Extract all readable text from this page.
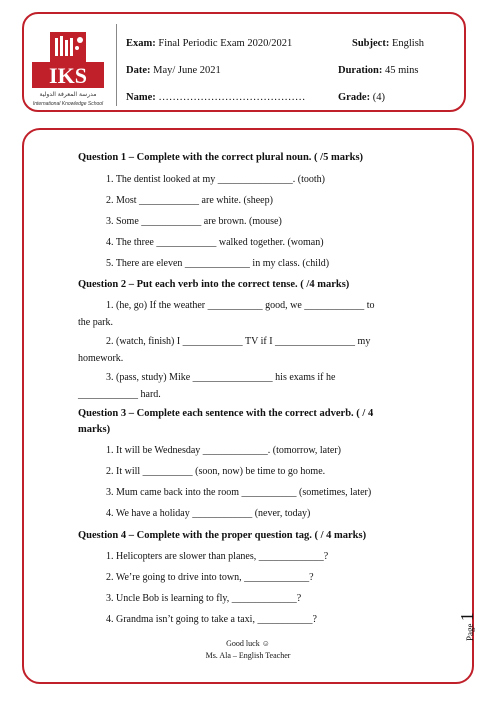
IKS
مدرسة المعرفة الدولية
International Knowledge School
Exam: Final Periodic Exam 2020/2021	Subject: English
Date: May/ June 2021	Duration: 45 mins
Name: ……………………………………	Grade: (4)
Question 1 – Complete with the correct plural noun. ( /5 marks)
1. The dentist looked at my _______________. (tooth)
2. Most ____________ are white. (sheep)
3. Some ____________ are brown. (mouse)
4. The three ____________ walked together. (woman)
5. There are eleven _____________ in my class. (child)
Question 2 – Put each verb into the correct tense. ( /4 marks)
1. (he, go) If the weather ___________ good, we ____________ to
the park.
2. (watch, finish) I ____________ TV if I ________________ my
homework.
3. (pass, study) Mike ________________ his exams if he
____________ hard.
Question 3 – Complete each sentence with the correct adverb. ( / 4
marks)
1. It will be Wednesday _____________. (tomorrow, later)
2. It will __________ (soon, now) be time to go home.
3. Mum came back into the room ___________ (sometimes, later)
4. We have a holiday ____________ (never, today)
Question 4 – Complete with the proper question tag. ( / 4 marks)
1. Helicopters are slower than planes, _____________?
2. We’re going to drive into town, _____________?
3. Uncle Bob is learning to fly, _____________?
4. Grandma isn’t going to take a taxi, ___________?
Good luck ☺
Ms. Ala – English Teacher
Page 1
